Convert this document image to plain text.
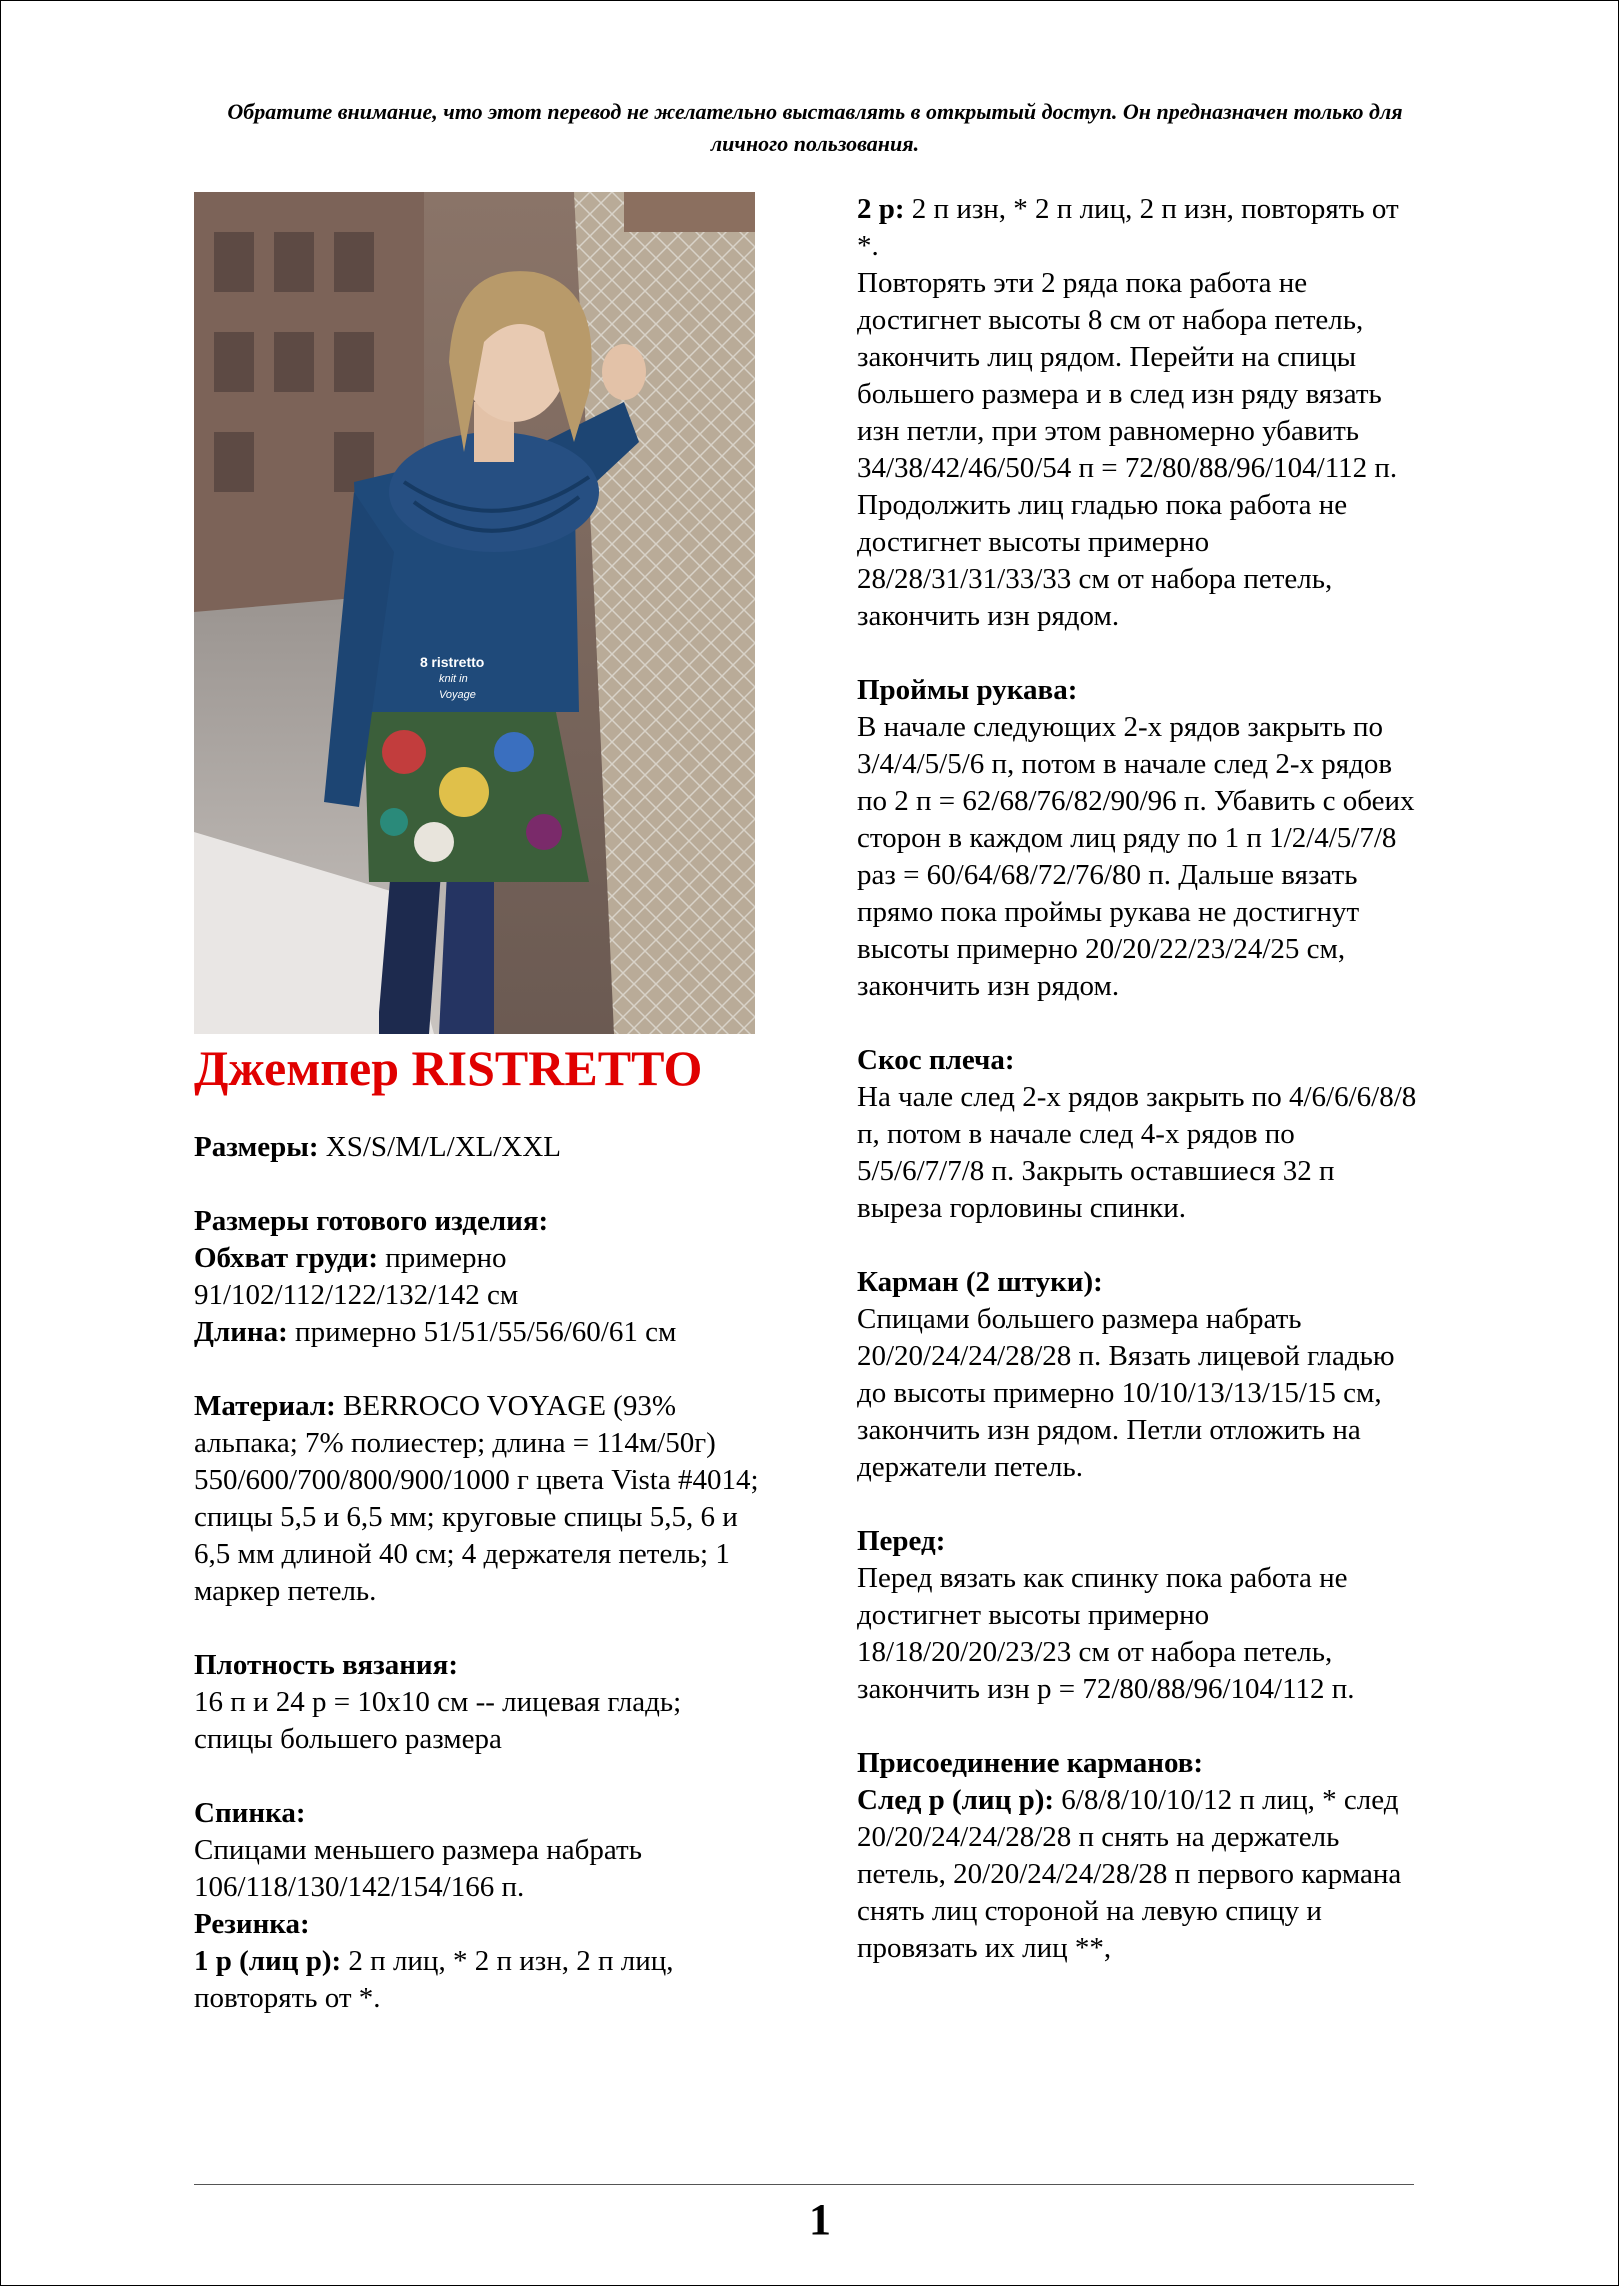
Обратите внимание, что этот перевод не желательно выставлять в открытый доступ. Он предназначен только для личного пользования.
8 ristretto
knit in
Voyage
Джемпер RISTRETTO

Размеры: XS/S/M/L/XL/XXL

Размеры готового изделия:

Обхват груди: примерно 91/102/112/122/132/142 см

Длина: примерно 51/51/55/56/60/61 см

Материал: BERROCO VOYAGE (93% альпака; 7% полиестер; длина = 114м/50г) 550/600/700/800/900/1000 г цвета Vista #4014; спицы 5,5 и 6,5 мм; круговые спицы 5,5, 6 и 6,5 мм длиной 40 см; 4 держателя петель; 1 маркер петель.

Плотность вязания:

16 п и 24 р = 10х10 см -- лицевая гладь; спицы большего размера

Спинка:

Спицами меньшего размера набрать 106/118/130/142/154/166 п.

Резинка:

1 р (лиц р): 2 п лиц, * 2 п изн, 2 п лиц, повторять от *.

2 р: 2 п изн, * 2 п лиц, 2 п изн, повторять от *.

Повторять эти 2 ряда пока работа не достигнет высоты 8 см от набора петель, закончить лиц рядом. Перейти на спицы большего размера и в след изн ряду вязать изн петли, при этом равномерно убавить 34/38/42/46/50/54 п = 72/80/88/96/104/112 п. Продолжить лиц гладью пока работа не достигнет высоты примерно 28/28/31/31/33/33 см от набора петель, закончить изн рядом.

Проймы рукава:

В начале следующих 2-х рядов закрыть по 3/4/4/5/5/6 п, потом в начале след 2-х рядов по 2 п = 62/68/76/82/90/96 п. Убавить с обеих сторон в каждом лиц ряду по 1 п 1/2/4/5/7/8 раз = 60/64/68/72/76/80 п. Дальше вязать прямо пока проймы рукава не достигнут высоты примерно 20/20/22/23/24/25 см, закончить изн рядом.

Скос плеча:

На чале след 2-х рядов закрыть по 4/6/6/6/8/8 п, потом в начале след 4-х рядов по 5/5/6/7/7/8 п. Закрыть оставшиеся 32 п выреза горловины спинки.

Карман (2 штуки):

Спицами большего размера набрать 20/20/24/24/28/28 п. Вязать лицевой гладью до высоты примерно 10/10/13/13/15/15 см, закончить изн рядом. Петли отложить на держатели петель.

Перед:

Перед вязать как спинку пока работа не достигнет высоты примерно 18/18/20/20/23/23 см от набора петель, закончить изн р = 72/80/88/96/104/112 п.

Присоединение карманов:

След р (лиц р): 6/8/8/10/10/12 п лиц, * след 20/20/24/24/28/28 п снять на держатель петель, 20/20/24/24/28/28 п первого кармана снять лиц стороной на левую спицу и провязать их лиц **,

1
